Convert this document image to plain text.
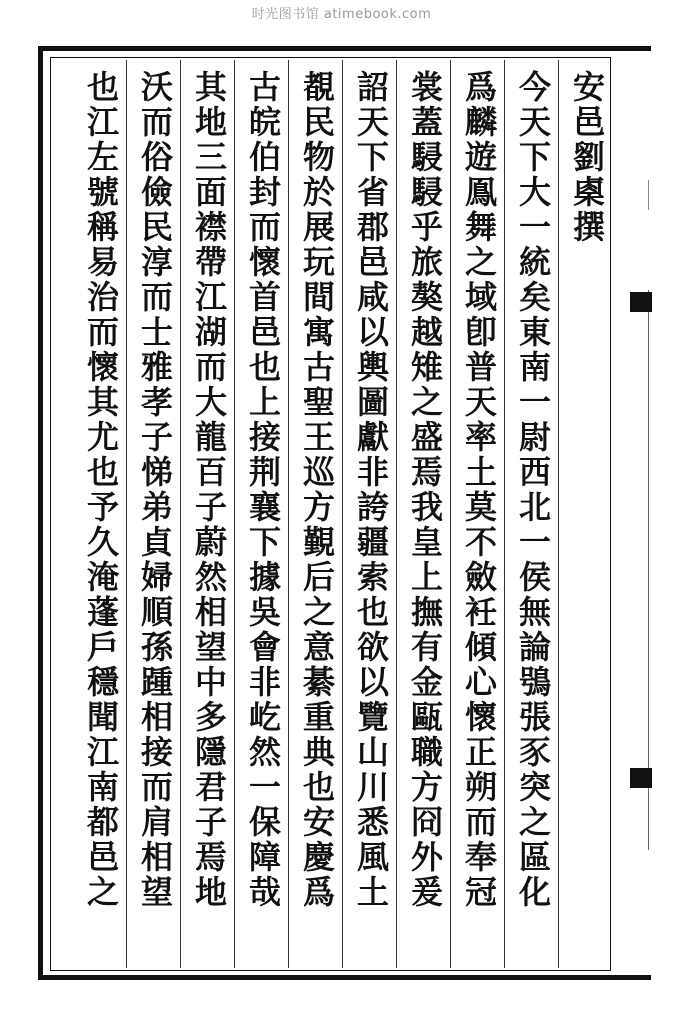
时光图书馆 atimebook.com
安邑劉㮚撰
今天下大一統矣東南一尉西北一侯無論鴞張豕突之區化
爲麟遊鳯舞之域卽普天率土莫不斂衽傾心懷正朔而奉冠
裳蓋駸駸乎旅獒越雉之盛焉我皇上撫有金甌職方冏外爰
詔天下省郡邑咸以輿圖獻非誇疆索也欲以覽山川悉風土
覩民物於展玩間寓古聖王巡方覲后之意綦重典也安慶爲
古皖伯封而懷首邑也上接荆襄下據吳會非屹然一保障哉
其地三面襟帶江湖而大龍百子蔚然相望中多隱君子焉地
沃而俗儉民淳而士雅孝子悌弟貞婦順孫踵相接而肩相望
也江左號稱易治而懷其尤也予久淹蓬戶穩聞江南都邑之
